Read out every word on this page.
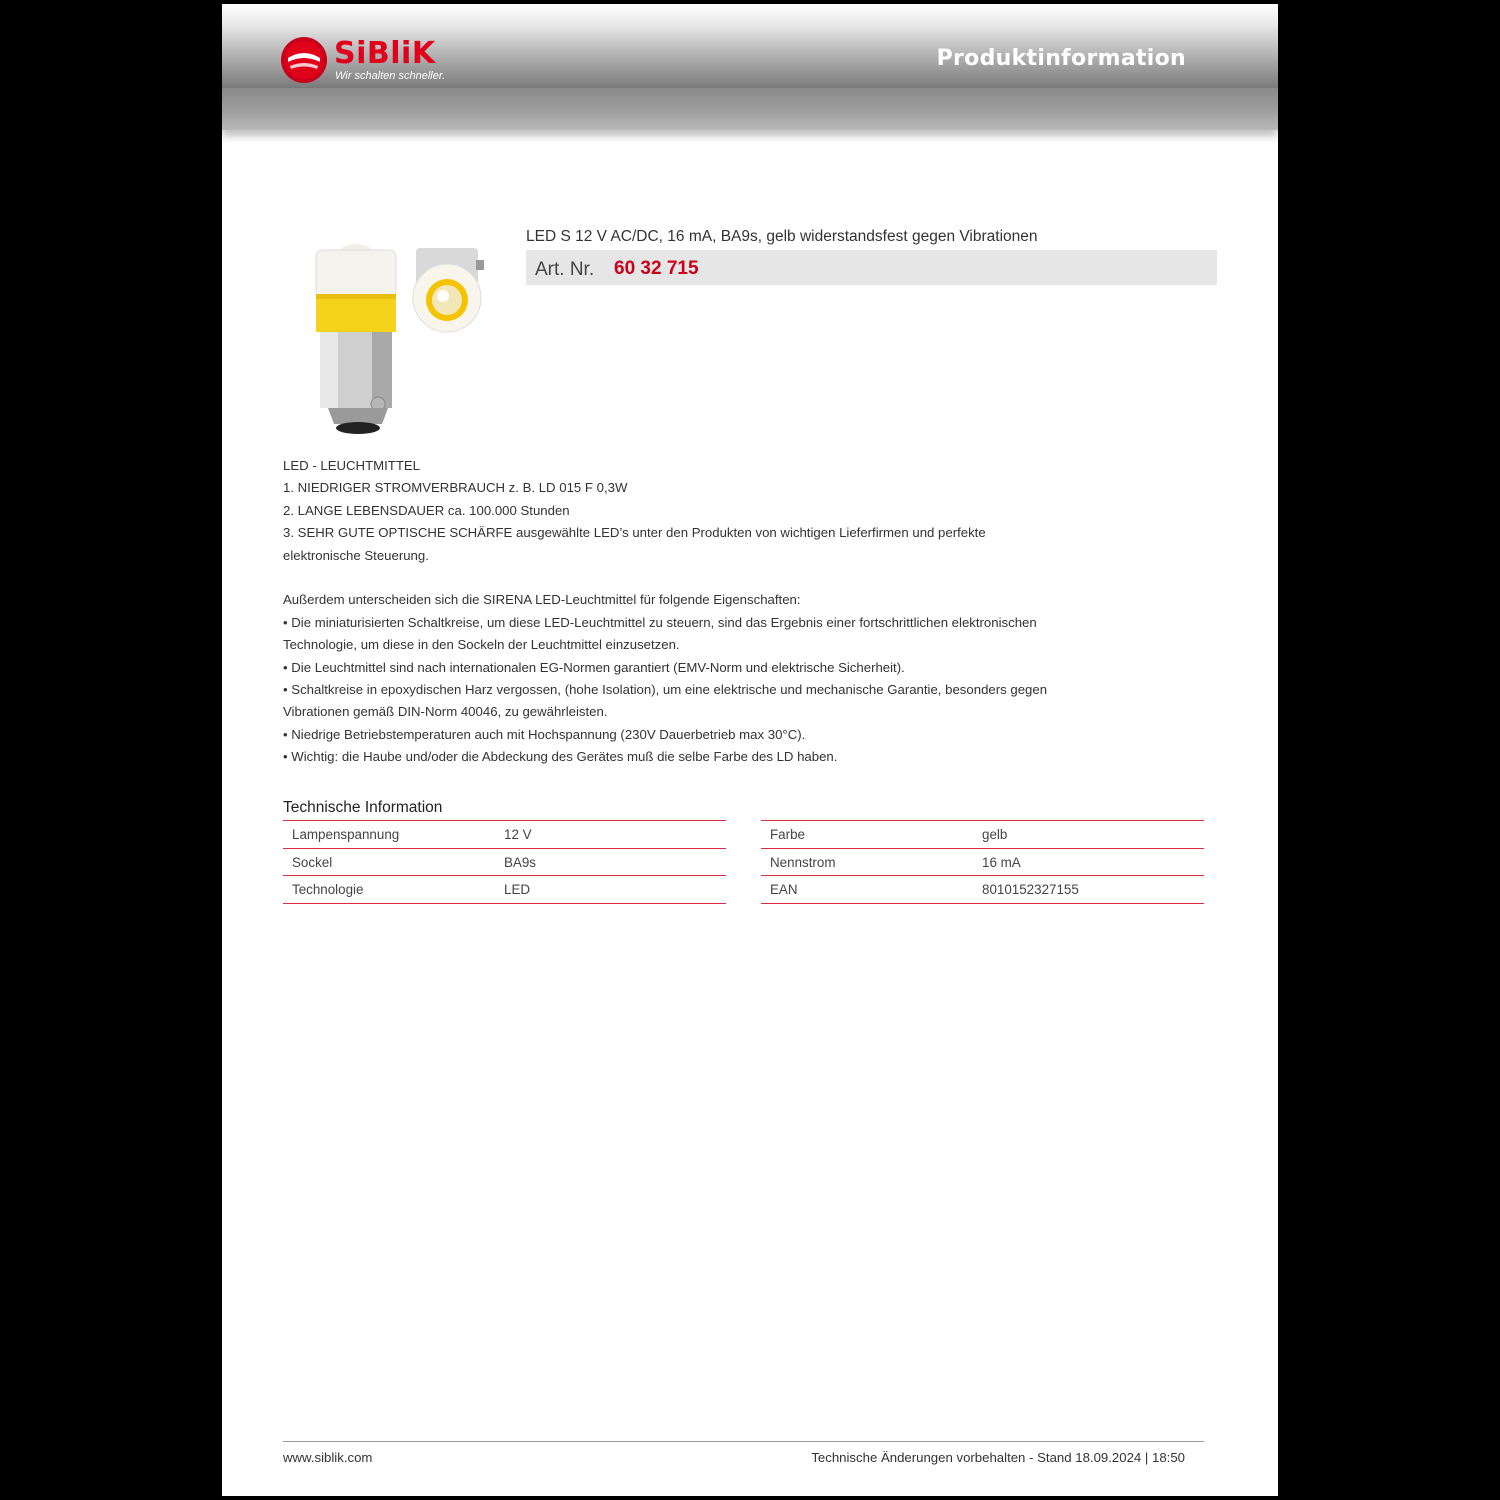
SiBliK
Wir schalten schneller.
Produktinformation
LED S 12 V AC/DC, 16 mA, BA9s, gelb widerstandsfest gegen Vibrationen
Art. Nr. 60 32 715

LED - LEUCHTMITTEL

1. NIEDRIGER STROMVERBRAUCH z. B. LD 015 F 0,3W

2. LANGE LEBENSDAUER ca. 100.000 Stunden

3. SEHR GUTE OPTISCHE SCHÄRFE ausgewählte LED’s unter den Produkten von wichtigen Lieferfirmen und perfekte

elektronische Steuerung.

Außerdem unterscheiden sich die SIRENA LED-Leuchtmittel für folgende Eigenschaften:

• Die miniaturisierten Schaltkreise, um diese LED-Leuchtmittel zu steuern, sind das Ergebnis einer fortschrittlichen elektronischen

Technologie, um diese in den Sockeln der Leuchtmittel einzusetzen.

• Die Leuchtmittel sind nach internationalen EG-Normen garantiert (EMV-Norm und elektrische Sicherheit).

• Schaltkreise in epoxydischen Harz vergossen, (hohe Isolation), um eine elektrische und mechanische Garantie, besonders gegen

Vibrationen gemäß DIN-Norm 40046, zu gewährleisten.

• Niedrige Betriebstemperaturen auch mit Hochspannung (230V Dauerbetrieb max 30°C).

• Wichtig: die Haube und/oder die Abdeckung des Gerätes muß die selbe Farbe des LD haben.

Technische Information
Lampenspannung	12 V
Sockel	BA9s
Technologie	LED
Farbe	gelb
Nennstrom	16 mA
EAN	8010152327155
www.siblik.com	Technische Änderungen vorbehalten - Stand 18.09.2024 | 18:50
